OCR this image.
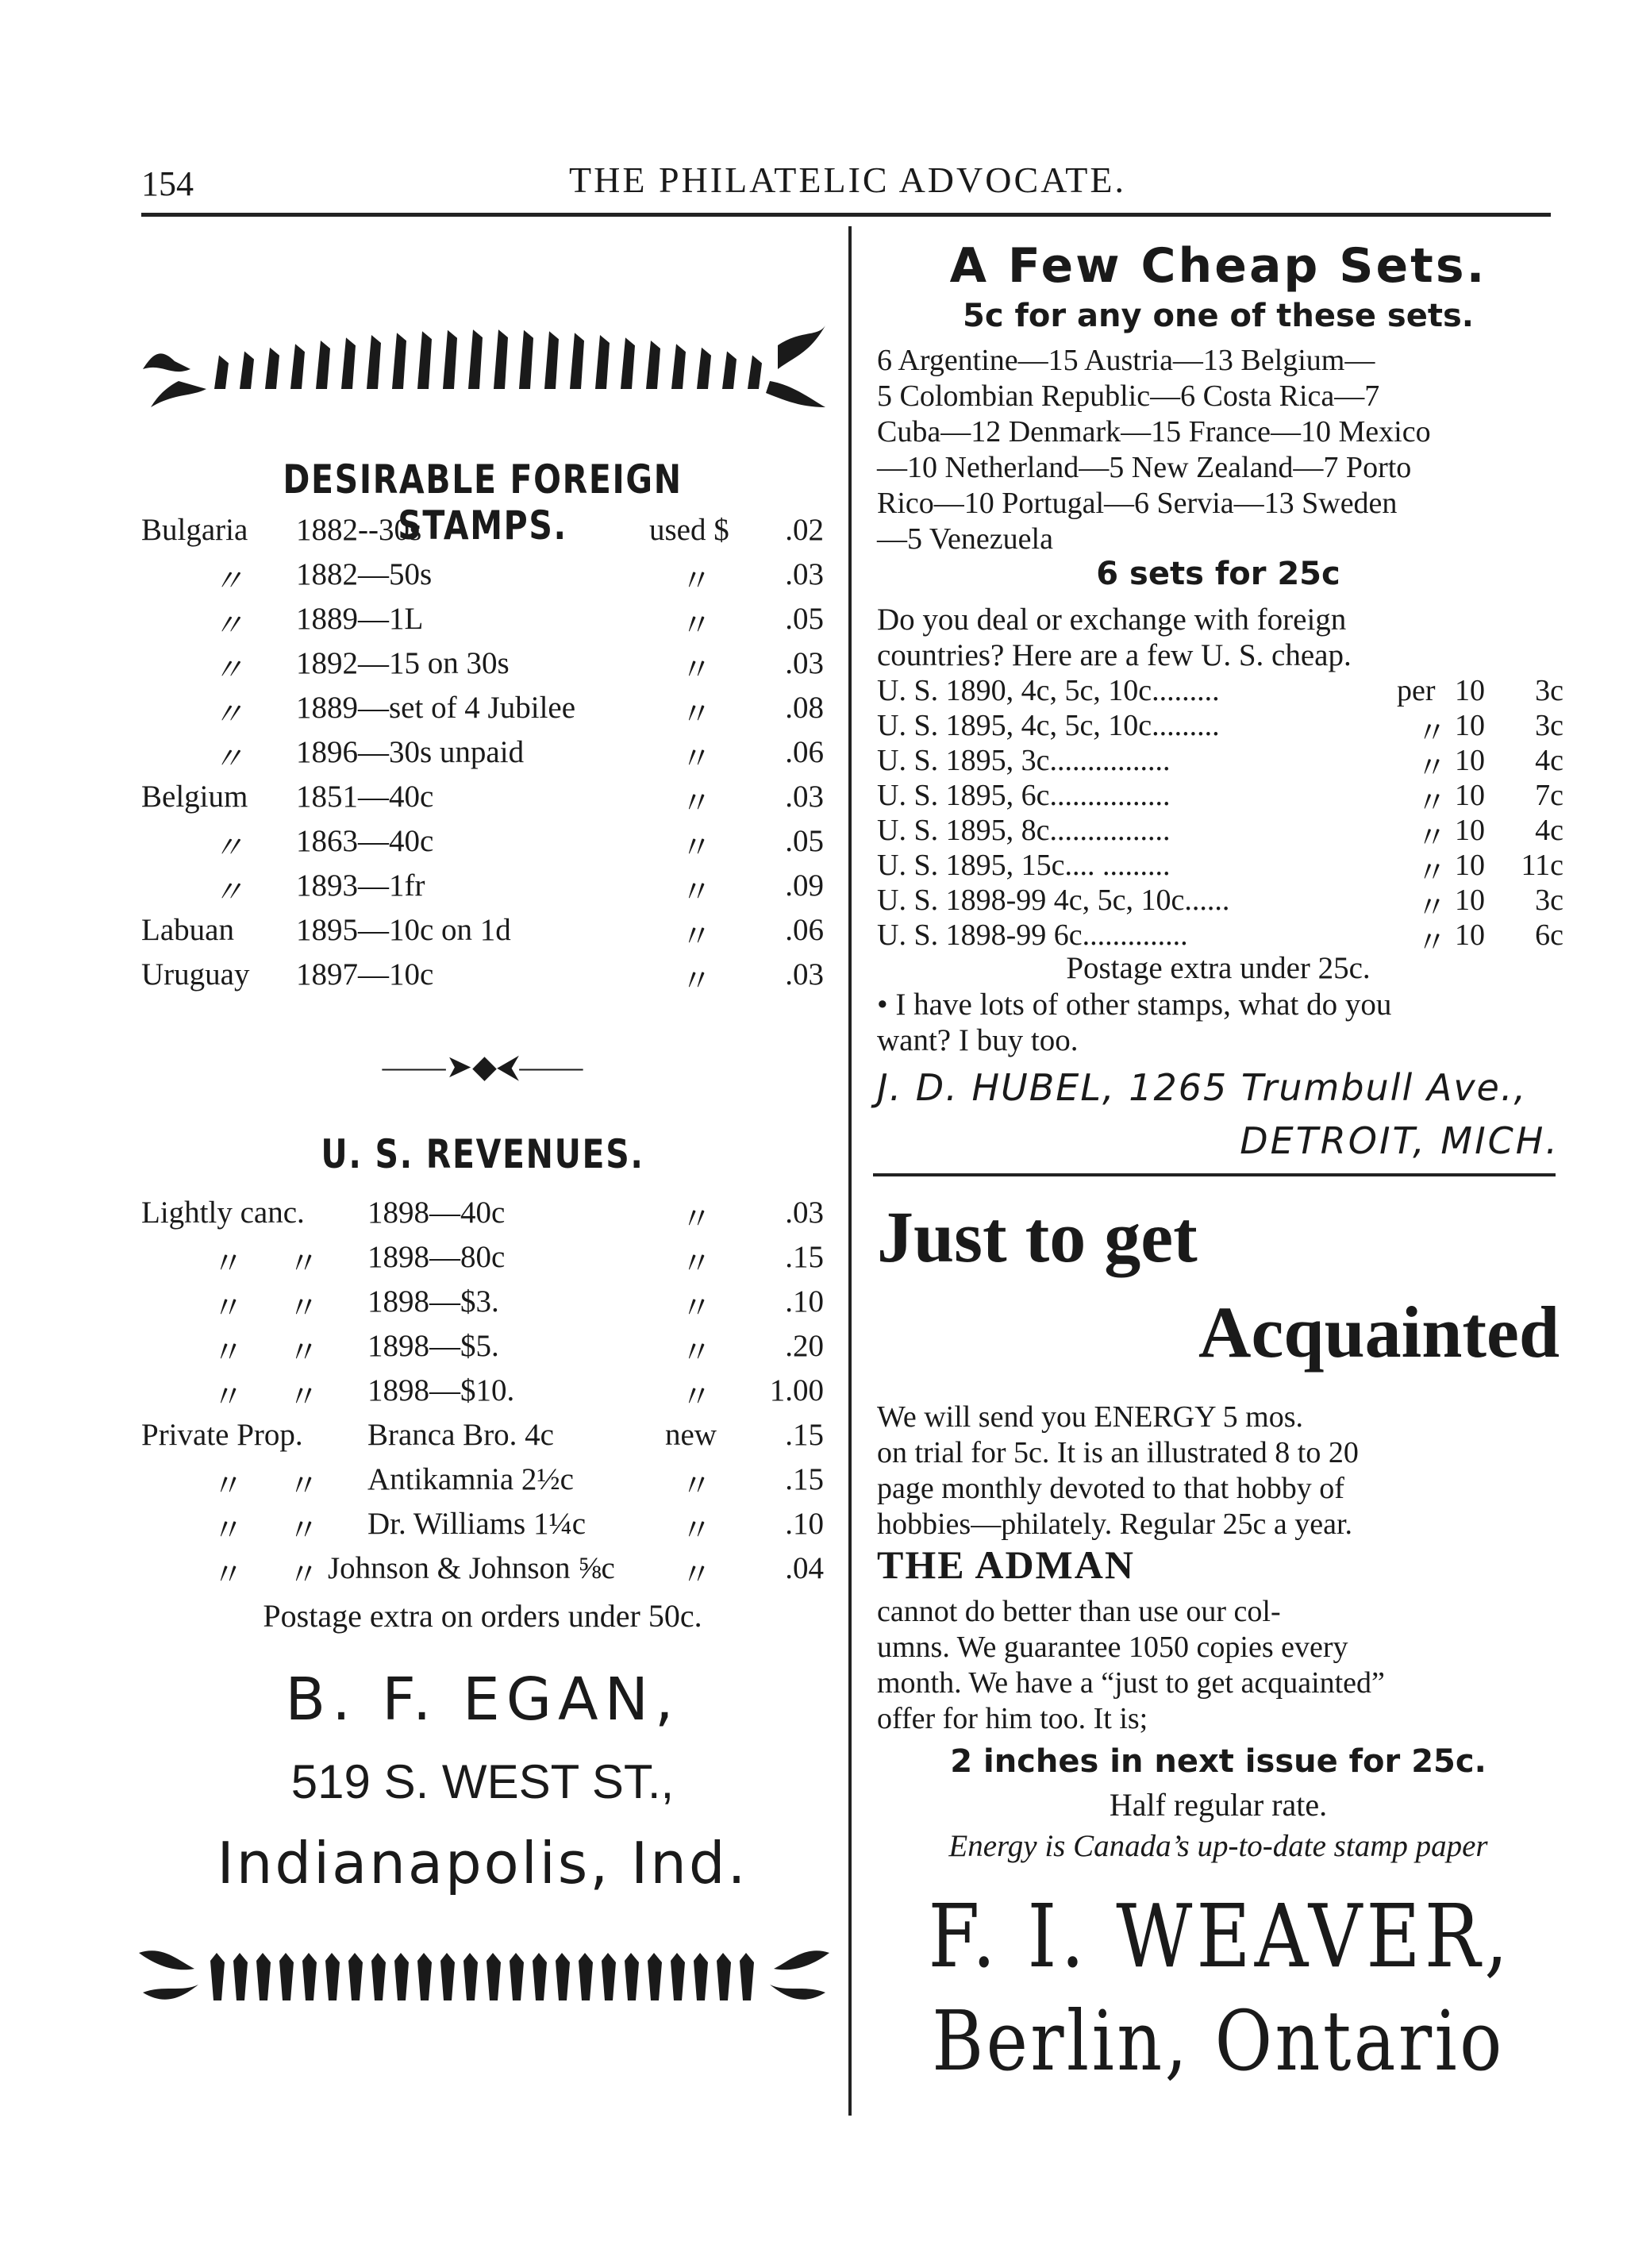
154	THE PHILATELIC ADVOCATE.
DESIRABLE FOREIGN STAMPS.
Bulgaria 1882--30s	used $ .02
〃 1882—50s	〃 .03
〃 1889—1L	〃 .05
〃 1892—15 on 30s	〃 .03
〃 1889—set of 4 Jubilee	〃 .08
〃 1896—30s unpaid	〃 .06
Belgium 1851—40c	〃 .03
〃 1863—40c	〃 .05
〃 1893—1fr	〃 .09
Labuan 1895—10c on 1d	〃 .06
Uruguay 1897—10c	〃 .03
——➤◆⮜——
U. S. REVENUES.
Lightly canc. 1898—40c	〃 .03
〃 〃 1898—80c	〃 .15
〃 〃 1898—$3.	〃 .10
〃 〃 1898—$5.	〃 .20
〃 〃 1898—$10.	〃 1.00
Private Prop. Branca Bro. 4c	new .15
〃 〃 Antikamnia 2½c	〃 .15
〃 〃 Dr. Williams 1¼c	〃 .10
〃 〃 Johnson & Johnson ⅝c 〃 .04
Postage extra on orders under 50c.
B. F. EGAN,
519 S. WEST ST.,
Indianapolis, Ind.
A Few Cheap Sets.
5c for any one of these sets.
6 Argentine—15 Austria—13 Belgium—
5 Colombian Republic—6 Costa Rica—7
Cuba—12 Denmark—15 France—10 Mexico
—10 Netherland—5 New Zealand—7 Porto
Rico—10 Portugal—6 Servia—13 Sweden
—5 Venezuela
6 sets for 25c
Do you deal or exchange with foreign
countries? Here are a few U. S. cheap.
U. S. 1890, 4c, 5c, 10c.........	per 10 3c
U. S. 1895, 4c, 5c, 10c.........	〃 10 3c
U. S. 1895, 3c................	〃 10 4c
U. S. 1895, 6c................	〃 10 7c
U. S. 1895, 8c................	〃 10 4c
U. S. 1895, 15c.... .........	〃 10 11c
U. S. 1898-99 4c, 5c, 10c......	〃 10 3c
U. S. 1898-99 6c..............	〃 10 6c
Postage extra under 25c.
• I have lots of other stamps, what do you
want? I buy too.
J. D. HUBEL, 1265 Trumbull Ave.,
DETROIT, MICH.
Just to get
Acquainted
We will send you ENERGY 5 mos.
on trial for 5c. It is an illustrated 8 to 20
page monthly devoted to that hobby of
hobbies—philately. Regular 25c a year.
THE ADMAN
cannot do better than use our col-
umns. We guarantee 1050 copies every
month. We have a “just to get acquainted”
offer for him too. It is;
2 inches in next issue for 25c.
Half regular rate.
Energy is Canada’s up-to-date stamp paper
F. I. WEAVER,
Berlin, Ontario
